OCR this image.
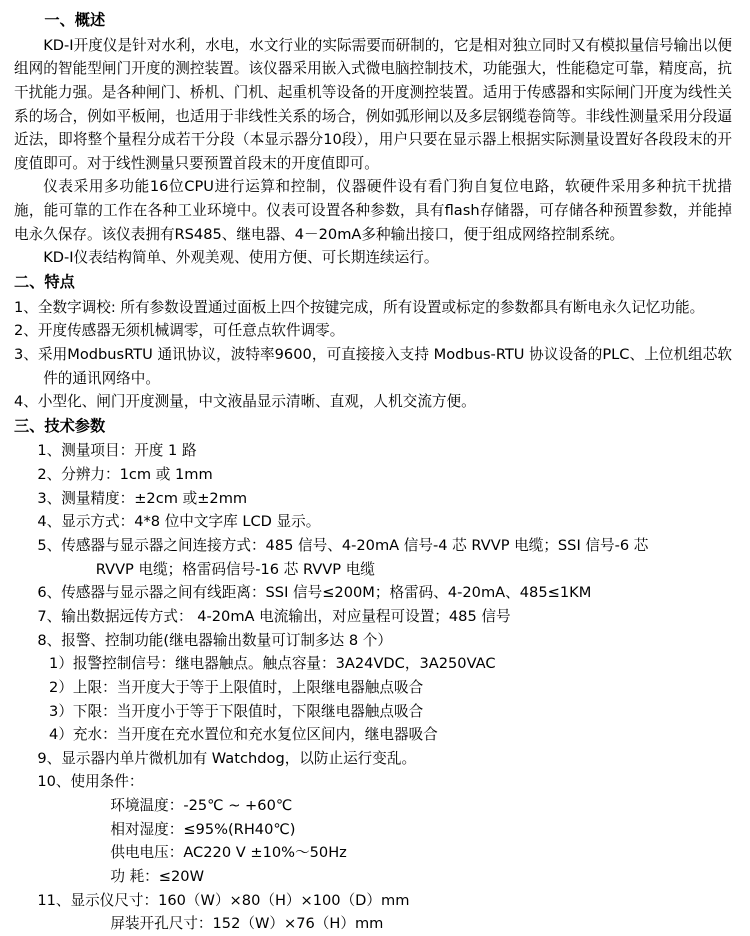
一、概述

KD-I开度仪是针对水利，水电，水文行业的实际需要而研制的，它是相对独立同时又有模拟量信号输出以便组网的智能型闸门开度的测控装置。该仪器采用嵌入式微电脑控制技术，功能强大，性能稳定可靠，精度高，抗干扰能力强。是各种闸门、桥机、门机、起重机等设备的开度测控装置。适用于传感器和实际闸门开度为线性关系的场合，例如平板闸，也适用于非线性关系的场合，例如弧形闸以及多层钢缆卷筒等。非线性测量采用分段逼近法，即将整个量程分成若干分段（本显示器分10段），用户只要在显示器上根据实际测量设置好各段段末的开度值即可。对于线性测量只要预置首段末的开度值即可。

仪表采用多功能16位CPU进行运算和控制，仪器硬件设有看门狗自复位电路，软硬件采用多种抗干扰措施，能可靠的工作在各种工业环境中。仪表可设置各种参数，具有flash存储器，可存储各种预置参数，并能掉电永久保存。该仪表拥有RS485、继电器、4－20mA多种输出接口，便于组成网络控制系统。

KD-I仪表结构简单、外观美观、使用方便、可长期连续运行。

二、特点

1、全数字调校: 所有参数设置通过面板上四个按键完成，所有设置或标定的参数都具有断电永久记忆功能。

2、开度传感器无须机械调零，可任意点软件调零。

3、采用ModbusRTU 通讯协议，波特率9600，可直接接入支持 Modbus-RTU 协议设备的PLC、上位机组芯软件的通讯网络中。

4、小型化、闸门开度测量，中文液晶显示清晰、直观，人机交流方便。

三、技术参数

1、测量项目：开度 1 路

2、分辨力：1cm 或 1mm

3、测量精度：±2cm 或±2mm

4、显示方式：4*8 位中文字库 LCD 显示。

5、传感器与显示器之间连接方式：485 信号、4-20mA 信号-4 芯 RVVP 电缆；SSI 信号-6 芯

RVVP 电缆；格雷码信号-16 芯 RVVP 电缆

6、传感器与显示器之间有线距离：SSI 信号≤200M；格雷码、4-20mA、485≤1KM

7、输出数据远传方式： 4-20mA 电流输出，对应量程可设置；485 信号

8、报警、控制功能(继电器输出数量可订制多达 8 个）

1）报警控制信号：继电器触点。触点容量：3A24VDC，3A250VAC

2）上限：当开度大于等于上限值时，上限继电器触点吸合

3）下限：当开度小于等于下限值时，下限继电器触点吸合

4）充水：当开度在充水置位和充水复位区间内，继电器吸合

9、显示器内单片微机加有 Watchdog，以防止运行变乱。

10、使用条件：

环境温度：-25℃ ~ +60℃

相对湿度：≤95%(RH40℃)

供电电压：AC220 V ±10%～50Hz

功 耗：≤20W

11、显示仪尺寸：160（W）×80（H）×100（D）mm

屏装开孔尺寸：152（W）×76（H）mm
